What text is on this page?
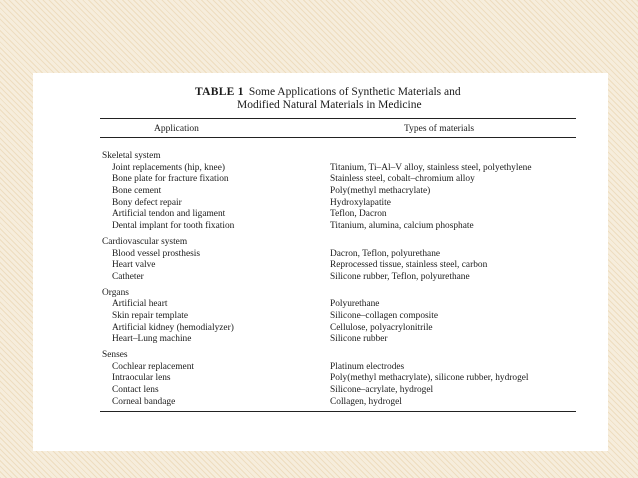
TABLE 1 Some Applications of Synthetic Materials and
Modified Natural Materials in Medicine
Application	Types of materials
Skeletal system
Joint replacements (hip, knee)	Titanium, Ti–Al–V alloy, stainless steel, polyethylene
Bone plate for fracture fixation	Stainless steel, cobalt–chromium alloy
Bone cement	Poly(methyl methacrylate)
Bony defect repair	Hydroxylapatite
Artificial tendon and ligament	Teflon, Dacron
Dental implant for tooth fixation	Titanium, alumina, calcium phosphate
Cardiovascular system
Blood vessel prosthesis	Dacron, Teflon, polyurethane
Heart valve	Reprocessed tissue, stainless steel, carbon
Catheter	Silicone rubber, Teflon, polyurethane
Organs
Artificial heart	Polyurethane
Skin repair template	Silicone–collagen composite
Artificial kidney (hemodialyzer)	Cellulose, polyacrylonitrile
Heart–Lung machine	Silicone rubber
Senses
Cochlear replacement	Platinum electrodes
Intraocular lens	Poly(methyl methacrylate), silicone rubber, hydrogel
Contact lens	Silicone–acrylate, hydrogel
Corneal bandage	Collagen, hydrogel
